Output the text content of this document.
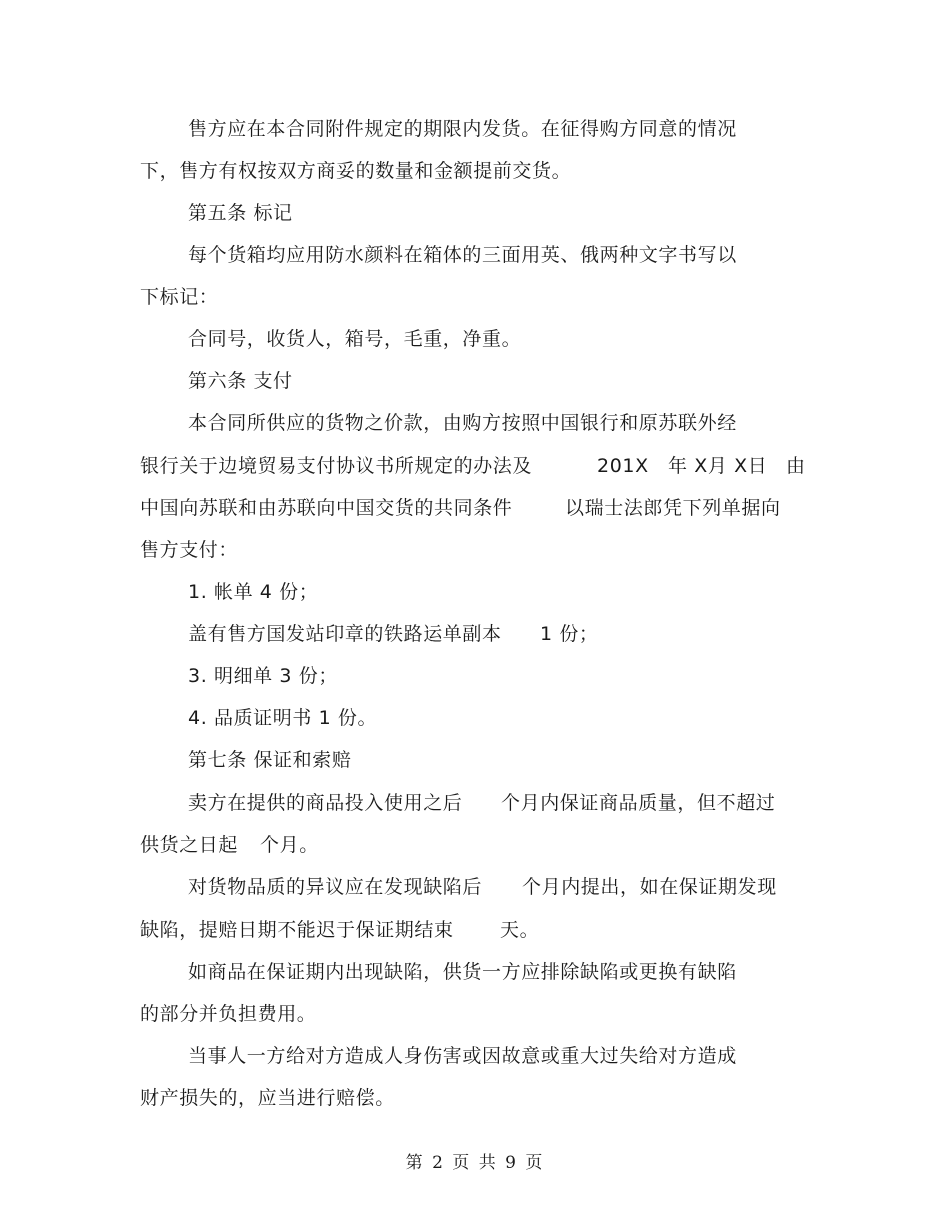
售方应在本合同附件规定的期限内发货。在征得购方同意的情况
下，售方有权按双方商妥的数量和金额提前交货。
第五条 标记
每个货箱均应用防水颜料在箱体的三面用英、俄两种文字书写以
下标记：
合同号，收货人，箱号，毛重，净重。
第六条 支付
本合同所供应的货物之价款，由购方按照中国银行和原苏联外经
银行关于边境贸易支付协议书所规定的办法及	201X 年 X月 X日 由
中国向苏联和由苏联向中国交货的共同条件	以瑞士法郎凭下列单据向
售方支付：
1. 帐单 4 份；
盖有售方国发站印章的铁路运单副本 1 份；
3. 明细单 3 份；
4. 品质证明书 1 份。
第七条 保证和索赔
卖方在提供的商品投入使用之后 个月内保证商品质量，但不超过
供货之日起 个月。
对货物品质的异议应在发现缺陷后 个月内提出，如在保证期发现
缺陷，提赔日期不能迟于保证期结束 天。
如商品在保证期内出现缺陷，供货一方应排除缺陷或更换有缺陷
的部分并负担费用。
当事人一方给对方造成人身伤害或因故意或重大过失给对方造成
财产损失的，应当进行赔偿。
第 2 页 共 9 页
